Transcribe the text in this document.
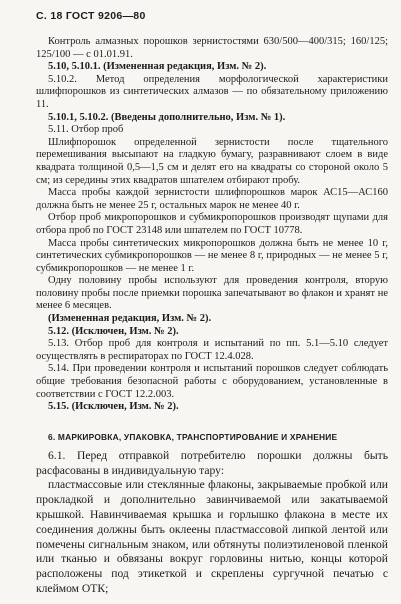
С. 18 ГОСТ 9206—80

Контроль алмазных порошков зернистостями 630/500—400/315; 160/125; 125/100 — с 01.01.91.

5.10, 5.10.1. (Измененная редакция, Изм. № 2).

5.10.2. Метод определения морфологической характеристики шлифпорошков из синтетических алмазов — по обязательному приложению 11.

5.10.1, 5.10.2. (Введены дополнительно, Изм. № 1).

5.11. Отбор проб

Шлифпорошок определенной зернистости после тщательного перемешивания высыпают на гладкую бумагу, разравнивают слоем в виде квадрата толщиной 0,5—1,5 см и делят его на квадраты со стороной около 5 см; из середины этих квадратов шпателем отбирают пробу.

Масса пробы каждой зернистости шлифпорошков марок АС15—АС160 должна быть не менее 25 г, остальных марок не менее 40 г.

Отбор проб микропорошков и субмикропорошков производят щупами для отбора проб по ГОСТ 23148 или шпателем по ГОСТ 10778.

Масса пробы синтетических микропорошков должна быть не менее 10 г, синтетических субмикропорошков — не менее 8 г, природных — не менее 5 г, субмикропорошков — не менее 1 г.

Одну половину пробы используют для проведения контроля, вторую половину пробы после приемки порошка запечатывают во флакон и хранят не менее 6 месяцев.

(Измененная редакция, Изм. № 2).

5.12. (Исключен, Изм. № 2).

5.13. Отбор проб для контроля и испытаний по пп. 5.1—5.10 следует осуществлять в респираторах по ГОСТ 12.4.028.

5.14. При проведении контроля и испытаний порошков следует соблюдать общие требования безопасной работы с оборудованием, установленные в соответствии с ГОСТ 12.2.003.

5.15. (Исключен, Изм. № 2).

6. МАРКИРОВКА, УПАКОВКА, ТРАНСПОРТИРОВАНИЕ И ХРАНЕНИЕ

6.1. Перед отправкой потребителю порошки должны быть расфасованы в индивидуальную тару:

пластмассовые или стеклянные флаконы, закрываемые пробкой или прокладкой и дополнительно завинчиваемой или закатываемой крышкой. Навинчиваемая крышка и горлышко флакона в месте их соединения должны быть оклеены пластмассовой липкой лентой или помечены сигнальным знаком, или обтянуты полиэтиленовой пленкой или тканью и обвязаны вокруг горловины нитью, концы которой расположены под этикеткой и скреплены сургучной печатью с клеймом ОТК;
